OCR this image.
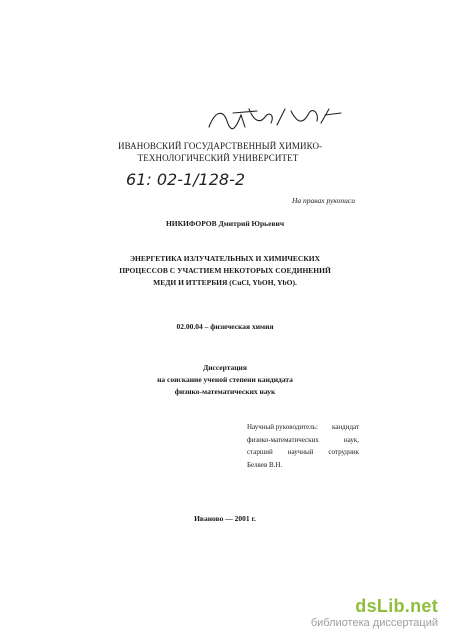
ИВАНОВСКИЙ ГОСУДАРСТВЕННЫЙ ХИМИКО-
ТЕХНОЛОГИЧЕСКИЙ УНИВЕРСИТЕТ
61: 02-1/128-2
На правах рукописи
НИКИФОРОВ Дмитрий Юрьевич
ЭНЕРГЕТИКА ИЗЛУЧАТЕЛЬНЫХ И ХИМИЧЕСКИХ
ПРОЦЕССОВ С УЧАСТИЕМ НЕКОТОРЫХ СОЕДИНЕНИЙ
МЕДИ И ИТТЕРБИЯ (CuCl, YbOH, YbO).
02.00.04 – физическая химия
Диссертация
на соискание ученой степени кандидата
физико-математических наук
Научный руководитель: кандидат
физико-математических	наук,
старший научный сотрудник
Беляев В.Н.
Иваново — 2001 г.
dsLib.net
библиотека диссертаций
